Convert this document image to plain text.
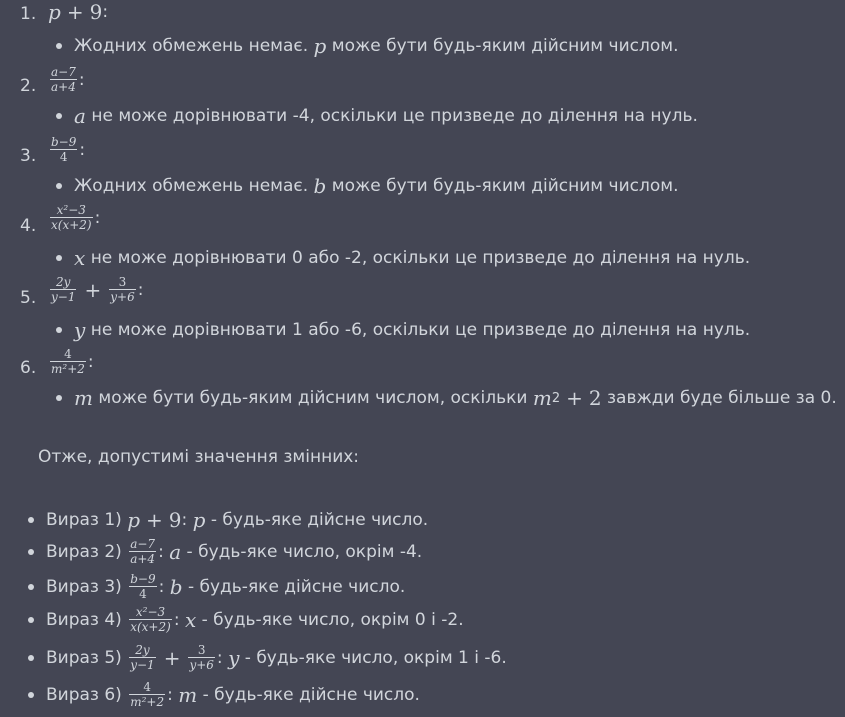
1. p + 9 :
Жодних обмежень немає.
p
може бути будь-яким дійсним числом.
2.	$\frac{a-7}{a+4}$ :
a
не може дорівнювати -4, оскільки це призведе до ділення на нуль.
3.	$\frac{b-9}{4}$ :
Жодних обмежень немає.
b
може бути будь-яким дійсним числом.
4.	$\frac{\text{x²−3}}{x(x+2)}$ :
x
не може дорівнювати 0 або -2, оскільки це призведе до ділення на нуль.
5.	$\frac{2y}{y-1} + \frac{3}{y+6}$ :
y
не може дорівнювати 1 або -6, оскільки це призведе до ділення на нуль.
6.	$\frac{4}{\text{m²+2}}$ :
m
може бути будь-яким дійсним числом, оскільки
m 2 + 2
завжди буде більше за 0.
Отже, допустимі значення змінних:
Вираз 1)
p + 9 : p
- будь-яке дійсне число.
Вираз 2)
$\frac{a-7}{a+4}$ : a
- будь-яке число, окрім -4.
Вираз 3)
$\frac{b-9}{4}$ : b
- будь-яке дійсне число.
Вираз 4)
$\frac{\text{x²−3}}{x(x+2)}$ : x
- будь-яке число, окрім 0 і -2.
Вираз 5)
$\frac{2y}{y-1} + \frac{3}{y+6}$ : y
- будь-яке число, окрім 1 і -6.
Вираз 6)
$\frac{4}{\text{m²+2}}$ : m
- будь-яке дійсне число.
